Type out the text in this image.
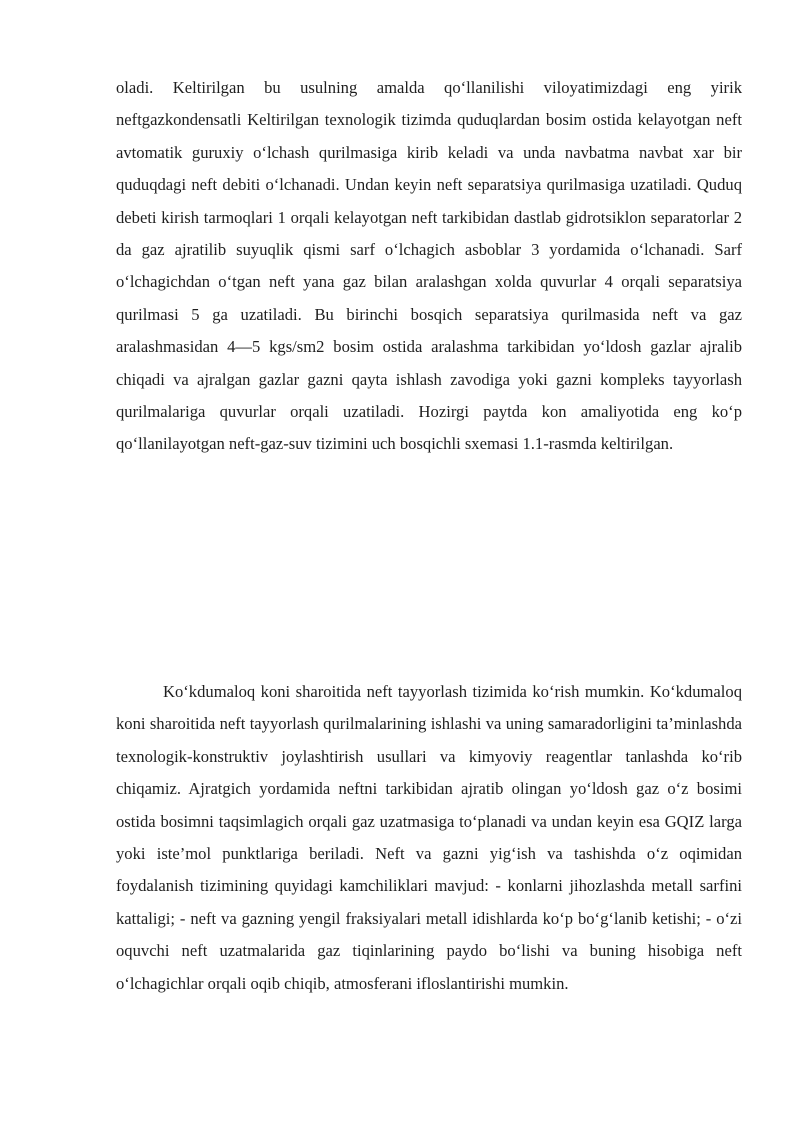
oladi. Keltirilgan bu usulning amalda qo‘llanilishi viloyatimizdagi eng yirik neftgazkondensatli Keltirilgan texnologik tizimda quduqlardan bosim ostida kelayotgan neft avtomatik guruxiy o‘lchash qurilmasiga kirib keladi va unda navbatma navbat xar bir quduqdagi neft debiti o‘lchanadi. Undan keyin neft separatsiya qurilmasiga uzatiladi. Quduq debeti kirish tarmoqlari 1 orqali kelayotgan neft tarkibidan dastlab gidrotsiklon separatorlar 2 da gaz ajratilib suyuqlik qismi sarf o‘lchagich asboblar 3 yordamida o‘lchanadi. Sarf o‘lchagichdan o‘tgan neft yana gaz bilan aralashgan xolda quvurlar 4 orqali separatsiya qurilmasi 5 ga uzatiladi. Bu birinchi bosqich separatsiya qurilmasida neft va gaz aralashmasidan 4—5 kgs/sm2 bosim ostida aralashma tarkibidan yo‘ldosh gazlar ajralib chiqadi va ajralgan gazlar gazni qayta ishlash zavodiga yoki gazni kompleks tayyorlash qurilmalariga quvurlar orqali uzatiladi. Hozirgi paytda kon amaliyotida eng ko‘p qo‘llanilayotgan neft-gaz-suv tizimini uch bosqichli sxemasi 1.1-rasmda keltirilgan.

Ko‘kdumaloq koni sharoitida neft tayyorlash tizimida ko‘rish mumkin. Ko‘kdumaloq koni sharoitida neft tayyorlash qurilmalarining ishlashi va uning samaradorligini ta’minlashda texnologik-konstruktiv joylashtirish usullari va kimyoviy reagentlar tanlashda ko‘rib chiqamiz. Ajratgich yordamida neftni tarkibidan ajratib olingan yo‘ldosh gaz o‘z bosimi ostida bosimni taqsimlagich orqali gaz uzatmasiga to‘planadi va undan keyin esa GQIZ larga yoki iste’mol punktlariga beriladi. Neft va gazni yig‘ish va tashishda o‘z oqimidan foydalanish tizimining quyidagi kamchiliklari mavjud: - konlarni jihozlashda metall sarfini kattaligi; - neft va gazning yengil fraksiyalari metall idishlarda ko‘p bo‘g‘lanib ketishi; - o‘zi oquvchi neft uzatmalarida gaz tiqinlarining paydo bo‘lishi va buning hisobiga neft o‘lchagichlar orqali oqib chiqib, atmosferani ifloslantirishi mumkin.
